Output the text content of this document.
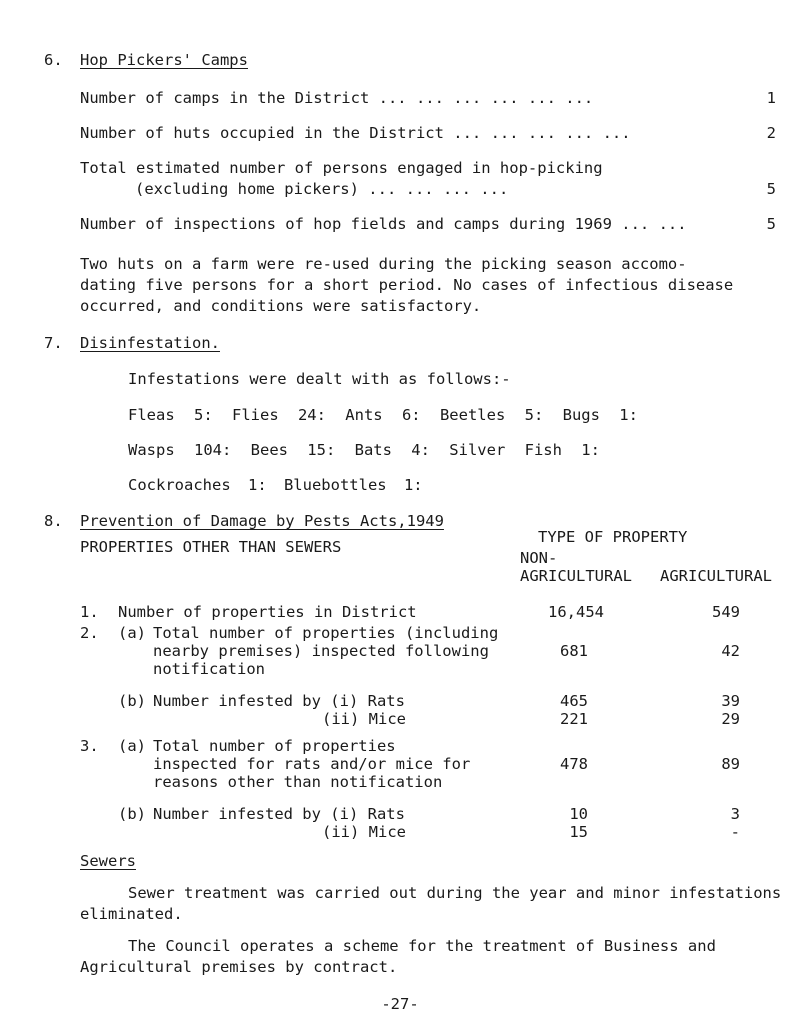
6. Hop Pickers' Camps
Number of camps in the District ... ... ... ... ... ...	1
Number of huts occupied in the District ... ... ... ... ...	2
Total estimated number of persons engaged in hop-picking
(excluding home pickers) ... ... ... ...	5
Number of inspections of hop fields and camps during 1969 ... ...	5
Two huts on a farm were re-used during the picking season accomo-
dating five persons for a short period. No cases of infectious disease
occurred, and conditions were satisfactory.
7. Disinfestation.
Infestations were dealt with as follows:-
Fleas 5: Flies 24: Ants 6: Beetles 5: Bugs 1:
Wasps 104: Bees 15: Bats 4: Silver Fish 1:
Cockroaches 1: Bluebottles 1:
8. Prevention of Damage by Pests Acts,1949
PROPERTIES OTHER THAN SEWERS
TYPE OF PROPERTY
NON-
AGRICULTURAL AGRICULTURAL
1. Number of properties in District	16,454	549
2. (a) Total number of properties (including
nearby premises) inspected following
notification
681	42
(b) Number infested by (i) Rats	465	39
(ii) Mice	221	29
3. (a) Total number of properties
inspected for rats and/or mice for
reasons other than notification
478	89
(b) Number infested by (i) Rats	10	3
(ii) Mice	15	-
Sewers
Sewer treatment was carried out during the year and minor infestations
eliminated.
The Council operates a scheme for the treatment of Business and
Agricultural premises by contract.
-27-
